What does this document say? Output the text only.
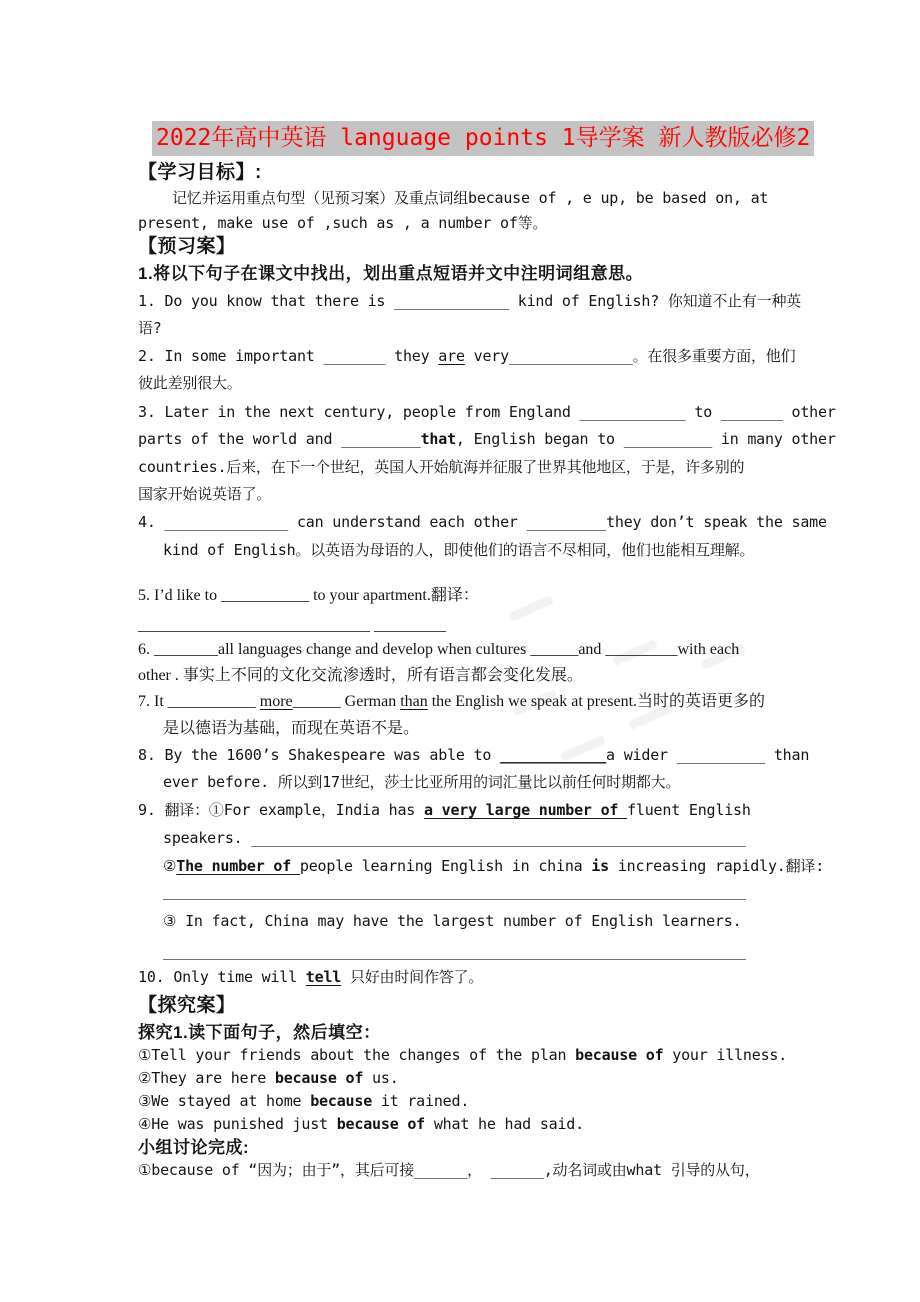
2022年高中英语 language points 1导学案 新人教版必修2
【学习目标】:
记忆并运用重点句型（见预习案）及重点词组because of , e up, be based on, at
present, make use of ,such as , a number of等。
【预习案】
1.将以下句子在课文中找出，划出重点短语并文中注明词组意思。
1. Do you know that there is _____________ kind of English? 你知道不止有一种英
语?
2. In some important _______ they are very______________。在很多重要方面，他们
彼此差别很大。
3. Later in the next century, people from England ____________ to _______ other
parts of the world and _________that, English began to __________ in many other
countries.后来，在下一个世纪，英国人开始航海并征服了世界其他地区，于是，许多别的
国家开始说英语了。
4. ______________ can understand each other _________they don’t speak the same
kind of English。以英语为母语的人，即使他们的语言不尽相同，他们也能相互理解。
5. I’d like to ___________ to your apartment.翻译：
_____________________________ _________
6. ________all languages change and develop when cultures ______and _________with each
other . 事实上不同的文化交流渗透时，所有语言都会变化发展。
7. It ___________ more______ German than the English we speak at present.当时的英语更多的
是以德语为基础，而现在英语不是。
8. By the 1600’s Shakespeare was able to ____________a wider __________ than
ever before. 所以到17世纪，莎士比亚所用的词汇量比以前任何时期都大。
9. 翻译：①For example，India has a very large number of fluent English
speakers. ________________________________________________________
②The number of people learning English in china is increasing rapidly.翻译:
__________________________________________________________________
③ In fact, China may have the largest number of English learners.
__________________________________________________________________
10. Only time will tell 只好由时间作答了。
【探究案】
探究1.读下面句子，然后填空：
①Tell your friends about the changes of the plan because of your illness.
②They are here because of us.
③We stayed at home because it rained.
④He was punished just because of what he had said.
小组讨论完成:
①because of “因为；由于”，其后可接______， ______,动名词或由what 引导的从句，
